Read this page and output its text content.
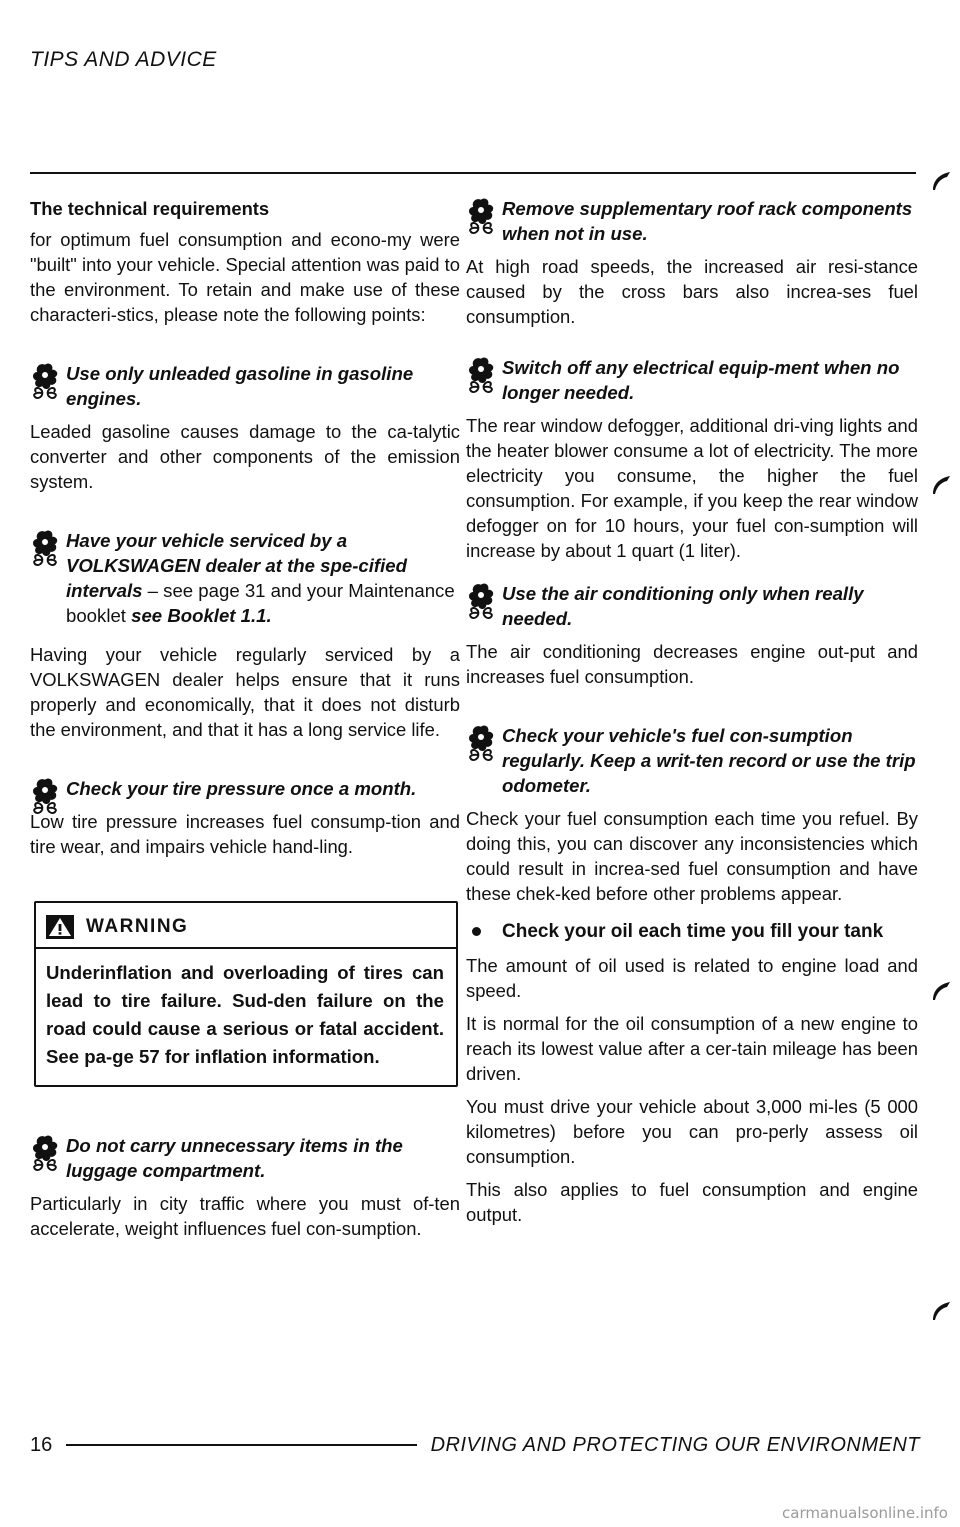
TIPS AND ADVICE
The technical requirements

for optimum fuel consumption and econo-my were "built" into your vehicle. Special attention was paid to the environment. To retain and make use of these characteri-stics, please note the following points:

Use only unleaded gasoline in gasoline engines.

Leaded gasoline causes damage to the ca-talytic converter and other components of the emission system.

Have your vehicle serviced by a VOLKSWAGEN dealer at the spe-cified intervals – see page 31 and your Maintenance booklet see Booklet 1.1.

Having your vehicle regularly serviced by a VOLKSWAGEN dealer helps ensure that it runs properly and economically, that it does not disturb the environment, and that it has a long service life.

Check your tire pressure once a month.

Low tire pressure increases fuel consump-tion and tire wear, and impairs vehicle hand-ling.

WARNING
Underinflation and overloading of tires can lead to tire failure. Sud-den failure on the road could cause a serious or fatal accident. See pa-ge 57 for inflation information.
Do not carry unnecessary items in the luggage compartment.

Particularly in city traffic where you must of-ten accelerate, weight influences fuel con-sumption.

Remove supplementary roof rack components when not in use.

At high road speeds, the increased air resi-stance caused by the cross bars also increa-ses fuel consumption.

Switch off any electrical equip-ment when no longer needed.

The rear window defogger, additional dri-ving lights and the heater blower consume a lot of electricity. The more electricity you consume, the higher the fuel consumption. For example, if you keep the rear window defogger on for 10 hours, your fuel con-sumption will increase by about 1 quart (1 liter).

Use the air conditioning only when really needed.

The air conditioning decreases engine out-put and increases fuel consumption.

Check your vehicle's fuel con-sumption regularly. Keep a writ-ten record or use the trip odometer.

Check your fuel consumption each time you refuel. By doing this, you can discover any inconsistencies which could result in increa-sed fuel consumption and have these chek-ked before other problems appear.

Check your oil each time you fill your tank

The amount of oil used is related to engine load and speed.

It is normal for the oil consumption of a new engine to reach its lowest value after a cer-tain mileage has been driven.

You must drive your vehicle about 3,000 mi-les (5 000 kilometres) before you can pro-perly assess oil consumption.

This also applies to fuel consumption and engine output.

16	DRIVING AND PROTECTING OUR ENVIRONMENT
carmanualsonline.info
